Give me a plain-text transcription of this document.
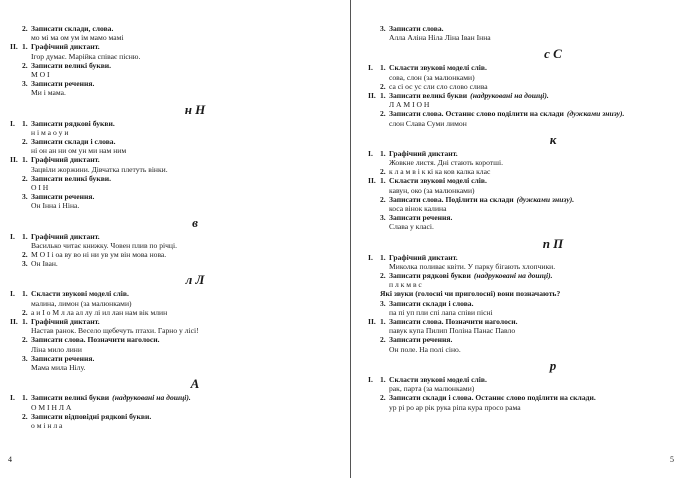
2. Записати склади, слова.
мо мі ма ом ум ім мамо мамі
ІІ. 1. Графічний диктант.
Ігор думає. Марійка співає пісню.
2. Записати великі букви.
М О І
3. Записати речення.
Ми і мама.
н Н
І. 1. Записати рядкові букви.
н і м а о у и
2. Записати склади і слова.
ні он ан ни ом ун ми нам ним
ІІ. 1. Графічний диктант.
Зацвіли жоржини. Дівчатка плетуть вінки.
2. Записати великі букви.
О І Н
3. Записати речення.
Он Інна і Ніна.
в
І. 1. Графічний диктант.
Василько читає книжку. Човен плив по річці.
2. М О І і оа ву во ні ни ув ум він мова нова.
3. Он Іван.
л Л
І. 1. Скласти звукові моделі слів.
малина, лимон (за малюнками)
2. а и І о М л ла ал лу лі ил лан нам вік млин
ІІ. 1. Графічний диктант.
Настав ранок. Весело щебечуть птахи. Гарно у лісі!
2. Записати слова. Позначити наголоси.
Ліна мило лини
3. Записати речення.
Мама мила Нілу.
А
І. 1. Записати великі букви (надруковані на дошці).
О М І Н Л А
2. Записати відповідні рядкові букви.
о м і н л а
3. Записати слова.
Алла Аліна Ніла Ліна Іван Інна
с С
І. 1. Скласти звукові моделі слів.
сова, слон (за малюнками)
2. са сі ос ус сли сло слово слива
ІІ. 1. Записати великі букви (надруковані на дошці).
Л А М І О Н
2. Записати слова. Останнє слово поділити на склади (дужками знизу).
слон Слава Суми лимон
к
І. 1. Графічний диктант.
Жовкне листя. Дні стають коротші.
2. к л а м в і к кі ка ков калка клас
ІІ. 1. Скласти звукові моделі слів.
кавун, око (за малюнками)
2. Записати слова. Поділити на склади (дужками знизу).
коса вінок калина
3. Записати речення.
Слава у класі.
п П
І. 1. Графічний диктант.
Миколка поливає квіти. У парку бігають хлопчики.
2. Записати рядкові букви (надруковані на дошці).
п л к м в с
Які звуки (голосні чи приголосні) вони позначають?
3. Записати склади і слова.
па пі уп пли спі лапа співи пісні
ІІ. 1. Записати слова. Позначити наголоси.
павук купа Пилип Поліна Панас Павло
2. Записати речення.
Он поле. На полі сіно.
р
І. 1. Скласти звукові моделі слів.
рак, парта (за малюнками)
2. Записати склади і слова. Останнє слово поділити на склади.
ур рі ро ар рік рука ріпа кура просо рама
4	5
